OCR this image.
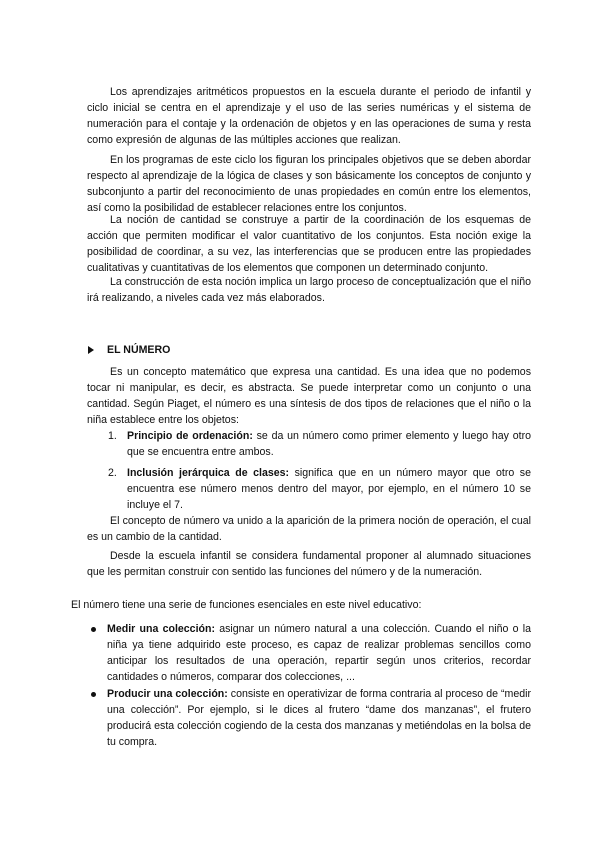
Los aprendizajes aritméticos propuestos en la escuela durante el periodo de infantil y ciclo inicial se centra en el aprendizaje y el uso de las series numéricas y el sistema de numeración para el contaje y la ordenación de objetos y en las operaciones de suma y resta como expresión de algunas de las múltiples acciones que realizan.

En los programas de este ciclo los figuran los principales objetivos que se deben abordar respecto al aprendizaje de la lógica de clases y son básicamente los conceptos de conjunto y subconjunto a partir del reconocimiento de unas propiedades en común entre los elementos, así como la posibilidad de establecer relaciones entre los conjuntos.

La noción de cantidad se construye a partir de la coordinación de los esquemas de acción que permiten modificar el valor cuantitativo de los conjuntos. Esta noción exige la posibilidad de coordinar, a su vez, las interferencias que se producen entre las propiedades cualitativas y cuantitativas de los elementos que componen un determinado conjunto.

La construcción de esta noción implica un largo proceso de conceptualización que el niño irá realizando, a niveles cada vez más elaborados.

EL NÚMERO

Es un concepto matemático que expresa una cantidad. Es una idea que no podemos tocar ni manipular, es decir, es abstracta. Se puede interpretar como un conjunto o una cantidad. Según Piaget, el número es una síntesis de dos tipos de relaciones que el niño o la niña establece entre los objetos:

1. Principio de ordenación: se da un número como primer elemento y luego hay otro que se encuentra entre ambos.
2. Inclusión jerárquica de clases: significa que en un número mayor que otro se encuentra ese número menos dentro del mayor, por ejemplo, en el número 10 se incluye el 7.

El concepto de número va unido a la aparición de la primera noción de operación, el cual es un cambio de la cantidad.

Desde la escuela infantil se considera fundamental proponer al alumnado situaciones que les permitan construir con sentido las funciones del número y de la numeración.

El número tiene una serie de funciones esenciales en este nivel educativo:

Medir una colección: asignar un número natural a una colección. Cuando el niño o la niña ya tiene adquirido este proceso, es capaz de realizar problemas sencillos como anticipar los resultados de una operación, repartir según unos criterios, recordar cantidades o números, comparar dos colecciones, ...
Producir una colección: consiste en operativizar de forma contraria al proceso de “medir una colección”. Por ejemplo, si le dices al frutero “dame dos manzanas”, el frutero producirá esta colección cogiendo de la cesta dos manzanas y metiéndolas en la bolsa de tu compra.
